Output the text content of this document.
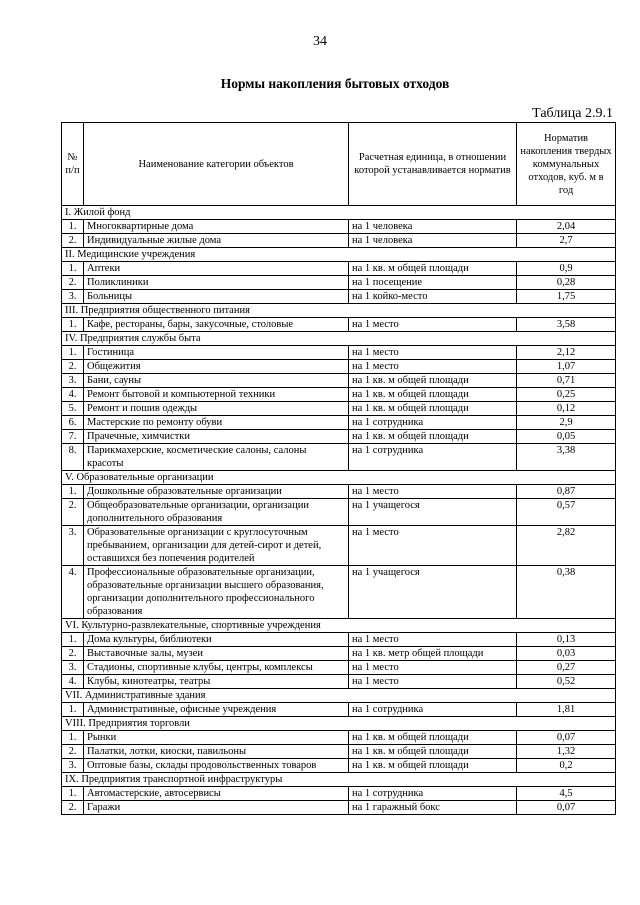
34
Нормы накопления бытовых отходов
Таблица 2.9.1
№ п/п	Наименование категории объектов	Расчетная единица, в отношении которой устанавливается норматив	Норматив накопления твердых коммунальных отходов, куб. м в год
I. Жилой фонд			
1.	Многоквартирные дома	на 1 человека	2,04
2.	Индивидуальные жилые дома	на 1 человека	2,7
II. Медицинские учреждения			
1.	Аптеки	на 1 кв. м общей площади	0,9
2.	Поликлиники	на 1 посещение	0,28
3.	Больницы	на 1 койко-место	1,75
III. Предприятия общественного питания			
1.	Кафе, рестораны, бары, закусочные, столовые	на 1 место	3,58
IV. Предприятия службы быта			
1.	Гостиница	на 1 место	2,12
2.	Общежития	на 1 место	1,07
3.	Бани, сауны	на 1 кв. м общей площади	0,71
4.	Ремонт бытовой и компьютерной техники	на 1 кв. м общей площади	0,25
5.	Ремонт и пошив одежды	на 1 кв. м общей площади	0,12
6.	Мастерские по ремонту обуви	на 1 сотрудника	2,9
7.	Прачечные, химчистки	на 1 кв. м общей площади	0,05
8.	Парикмахерские, косметические салоны, салоны красоты	на 1 сотрудника	3,38
V. Образовательные организации			
1.	Дошкольные образовательные организации	на 1 место	0,87
2.	Общеобразовательные организации, организации дополнительного образования	на 1 учащегося	0,57
3.	Образовательные организации с круглосуточным пребыванием, организации для детей-сирот и детей, оставшихся без попечения родителей	на 1 место	2,82
4.	Профессиональные образовательные организации, образовательные организации высшего образования, организации дополнительного профессионального образования	на 1 учащегося	0,38
VI. Культурно-развлекательные, спортивные учреждения			
1.	Дома культуры, библиотеки	на 1 место	0,13
2.	Выставочные залы, музеи	на 1 кв. метр общей площади	0,03
3.	Стадионы, спортивные клубы, центры, комплексы	на 1 место	0,27
4.	Клубы, кинотеатры, театры	на 1 место	0,52
VII. Административные здания			
1.	Административные, офисные учреждения	на 1 сотрудника	1,81
VIII. Предприятия торговли			
1.	Рынки	на 1 кв. м общей площади	0,07
2.	Палатки, лотки, киоски, павильоны	на 1 кв. м общей площади	1,32
3.	Оптовые базы, склады продовольственных товаров	на 1 кв. м общей площади	0,2
IX. Предприятия транспортной инфраструктуры			
1.	Автомастерские, автосервисы	на 1 сотрудника	4,5
2.	Гаражи	на 1 гаражный бокс	0,07
